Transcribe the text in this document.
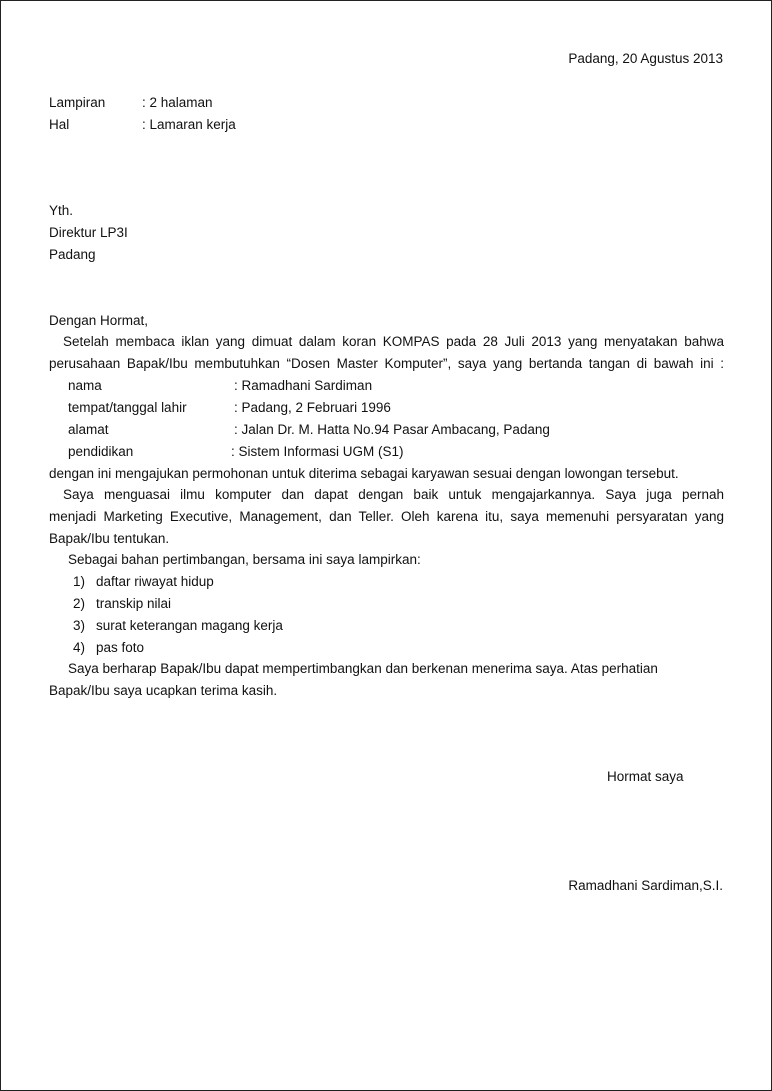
Padang, 20 Agustus 2013
Lampiran	: 2 halaman
Hal	: Lamaran kerja
Yth.
Direktur LP3I
Padang
Dengan Hormat,
Setelah membaca iklan yang dimuat dalam koran KOMPAS pada 28 Juli 2013 yang menyatakan bahwa
perusahaan Bapak/Ibu membutuhkan “Dosen Master Komputer”, saya yang bertanda tangan di bawah ini :
nama	: Ramadhani Sardiman
tempat/tanggal lahir	: Padang, 2 Februari 1996
alamat	: Jalan Dr. M. Hatta No.94 Pasar Ambacang, Padang
pendidikan	: Sistem Informasi UGM (S1)
dengan ini mengajukan permohonan untuk diterima sebagai karyawan sesuai dengan lowongan tersebut.
Saya menguasai ilmu komputer dan dapat dengan baik untuk mengajarkannya. Saya juga pernah
menjadi Marketing Executive, Management, dan Teller. Oleh karena itu, saya memenuhi persyaratan yang
Bapak/Ibu tentukan.
Sebagai bahan pertimbangan, bersama ini saya lampirkan:
1) daftar riwayat hidup
2) transkip nilai
3) surat keterangan magang kerja
4) pas foto
Saya berharap Bapak/Ibu dapat mempertimbangkan dan berkenan menerima saya. Atas perhatian
Bapak/Ibu saya ucapkan terima kasih.
Hormat saya
Ramadhani Sardiman,S.I.
